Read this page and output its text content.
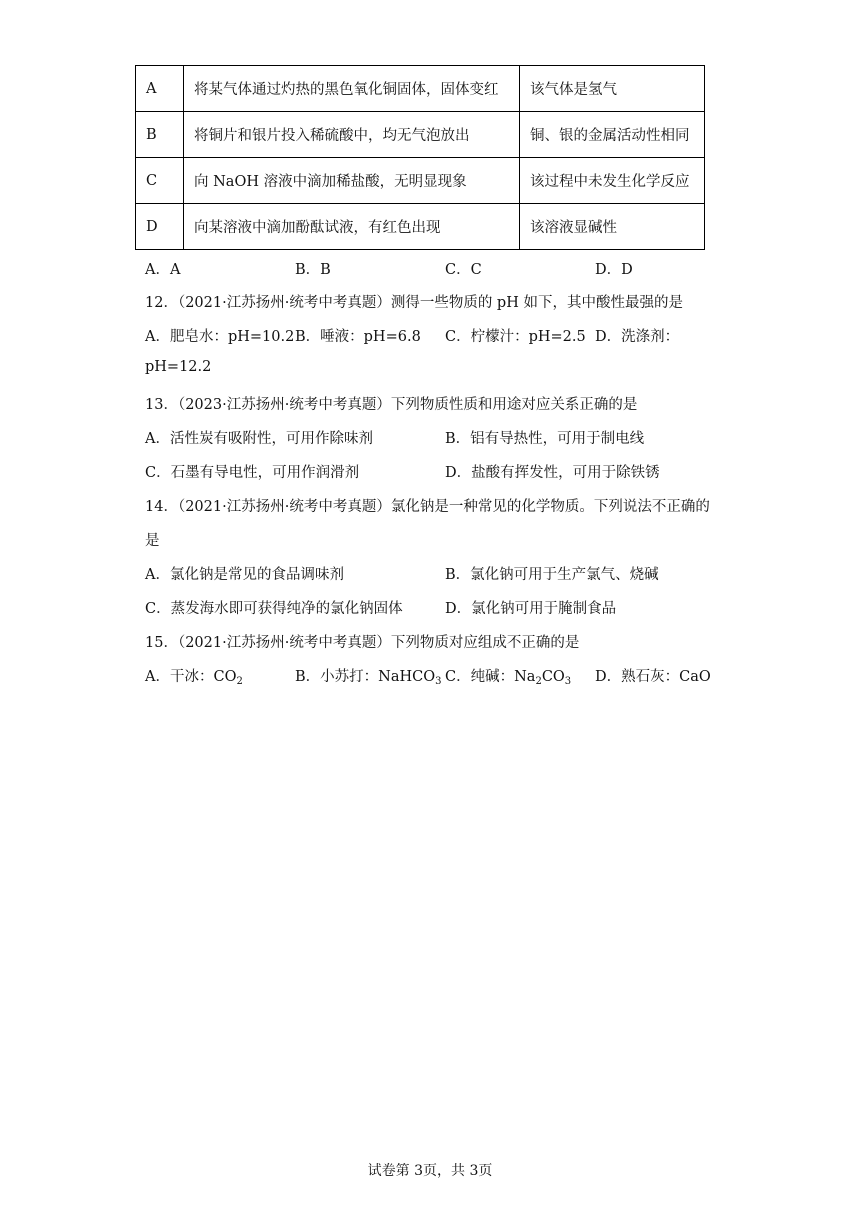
A	将某气体通过灼热的黑色氧化铜固体，固体变红	该气体是氢气
B	将铜片和银片投入稀硫酸中，均无气泡放出	铜、银的金属活动性相同
C	向 NaOH 溶液中滴加稀盐酸，无明显现象	该过程中未发生化学反应
D	向某溶液中滴加酚酞试液，有红色出现	该溶液显碱性
A．A	B．B	C．C	D．D
12．（2021·江苏扬州·统考中考真题）测得一些物质的 pH 如下，其中酸性最强的是
A．肥皂水：pH=10.2 B．唾液：pH=6.8 C．柠檬汁：pH=2.5 D．洗涤剂：
pH=12.2
13．（2023·江苏扬州·统考中考真题）下列物质性质和用途对应关系正确的是
A．活性炭有吸附性，可用作除味剂	B．铝有导热性，可用于制电线
C．石墨有导电性，可用作润滑剂	D．盐酸有挥发性，可用于除铁锈
14．（2021·江苏扬州·统考中考真题）氯化钠是一种常见的化学物质。下列说法不正确的
是
A．氯化钠是常见的食品调味剂	B．氯化钠可用于生产氯气、烧碱
C．蒸发海水即可获得纯净的氯化钠固体	D．氯化钠可用于腌制食品
15．（2021·江苏扬州·统考中考真题）下列物质对应组成不正确的是
A．干冰：$CO_2$	B．小苏打：NaHCO$_3$ C．纯碱：$Na_2CO_3$ D．熟石灰：CaO
试卷第 3页，共 3页
